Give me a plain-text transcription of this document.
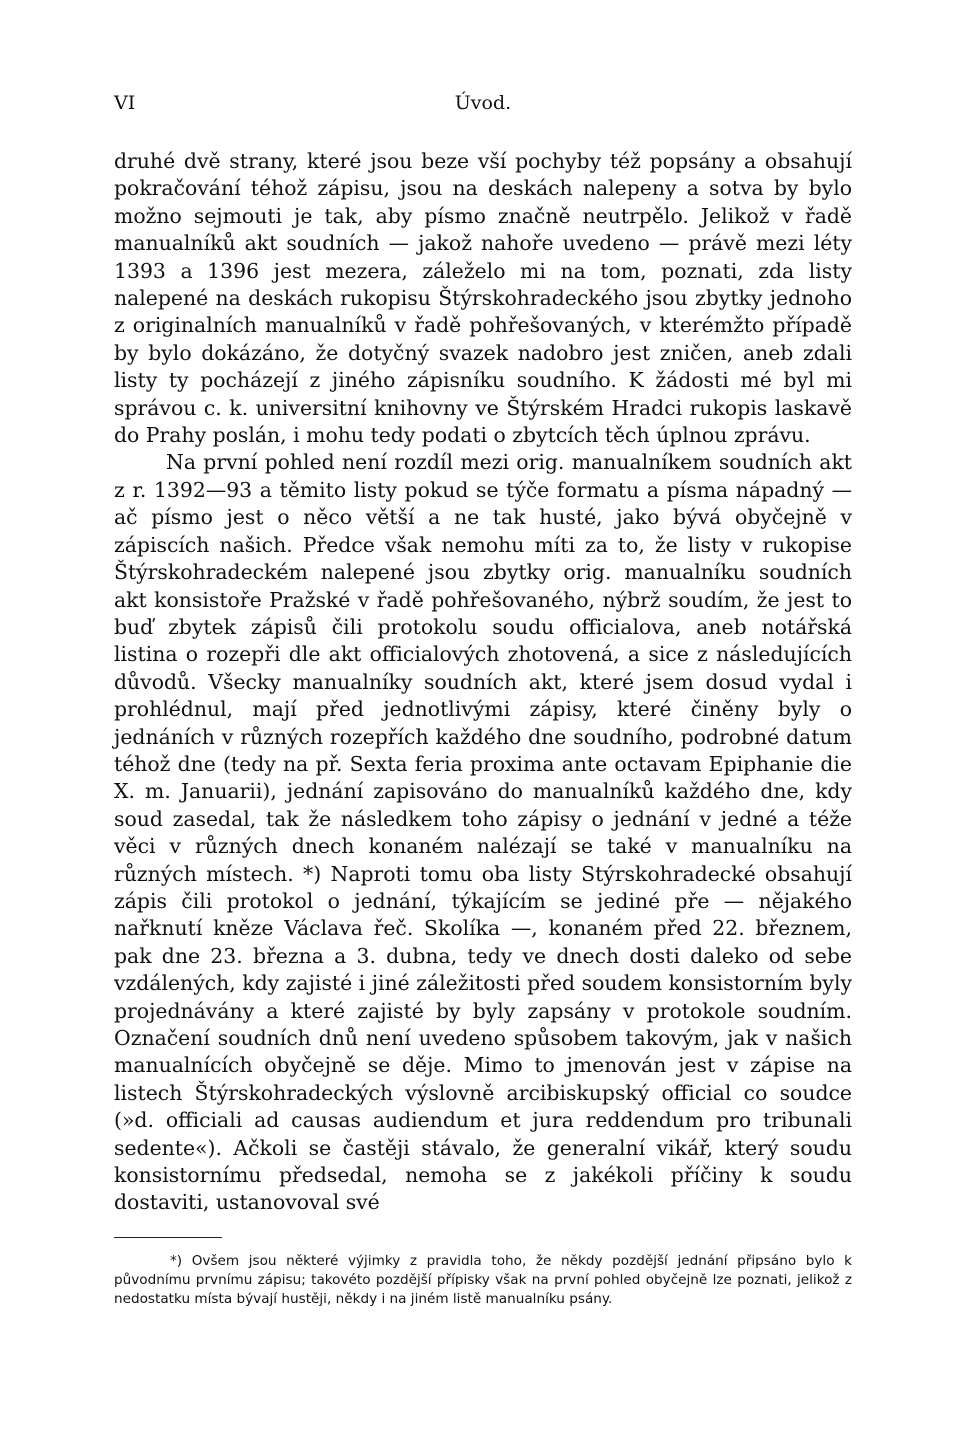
VI	Úvod.

druhé dvě strany, které jsou beze vší pochyby též popsány a obsahují pokračování téhož zápisu, jsou na deskách nalepeny a sotva by bylo možno sejmouti je tak, aby písmo značně neutrpělo. Jelikož v řadě manualníků akt soudních — jakož nahoře uvedeno — právě mezi léty 1393 a 1396 jest mezera, záleželo mi na tom, poznati, zda listy nalepené na deskách rukopisu Štýrskohradeckého jsou zbytky jednoho z originalních manualníků v řadě pohřešovaných, v kterémžto případě by bylo dokázáno, že dotyčný svazek nadobro jest zničen, aneb zdali listy ty pocházejí z jiného zápisníku soudního. K žádosti mé byl mi správou c. k. universitní knihovny ve Štýrském Hradci rukopis laskavě do Prahy poslán, i mohu tedy podati o zbytcích těch úplnou zprávu.

Na první pohled není rozdíl mezi orig. manualníkem soudních akt z r. 1392—93 a těmito listy pokud se týče formatu a písma nápadný — ač písmo jest o něco větší a ne tak husté, jako bývá obyčejně v zápiscích našich. Předce však nemohu míti za to, že listy v rukopise Štýrskohradeckém nalepené jsou zbytky orig. manualníku soudních akt konsistoře Pražské v řadě pohřešovaného, nýbrž soudím, že jest to buď zbytek zápisů čili protokolu soudu officialova, aneb notářská listina o rozepři dle akt officialových zhotovená, a sice z následujících důvodů. Všecky manualníky soudních akt, které jsem dosud vydal i prohlédnul, mají před jednotlivými zápisy, které činěny byly o jednáních v různých rozepřích každého dne soudního, podrobné datum téhož dne (tedy na př. Sexta feria proxima ante octavam Epiphanie die X. m. Januarii), jednání zapisováno do manualníků každého dne, kdy soud zasedal, tak že následkem toho zápisy o jednání v jedné a téže věci v různých dnech konaném nalézají se také v manualníku na různých místech. *) Naproti tomu oba listy Stýrskohradecké obsahují zápis čili protokol o jednání, týkajícím se jediné pře — nějakého nařknutí kněze Václava řeč. Skolíka —, konaném před 22. březnem, pak dne 23. března a 3. dubna, tedy ve dnech dosti daleko od sebe vzdálených, kdy zajisté i jiné záležitosti před soudem konsistorním byly projednávány a které zajisté by byly zapsány v protokole soudním. Označení soudních dnů není uvedeno spůsobem takovým, jak v našich manualnících obyčejně se děje. Mimo to jmenován jest v zápise na listech Štýrskohradeckých výslovně arcibiskupský official co soudce (»d. officiali ad causas audiendum et jura reddendum pro tribunali sedente«). Ačkoli se častěji stávalo, že generalní vikář, který soudu konsistornímu předsedal, nemoha se z jakékoli příčiny k soudu dostaviti, ustanovoval své

*) Ovšem jsou některé výjimky z pravidla toho, že někdy pozdější jednání připsáno bylo k původnímu prvnímu zápisu; takovéto pozdější přípisky však na první pohled obyčejně lze poznati, jelikož z nedostatku místa bývají hustěji, někdy i na jiném listě manualníku psány.
